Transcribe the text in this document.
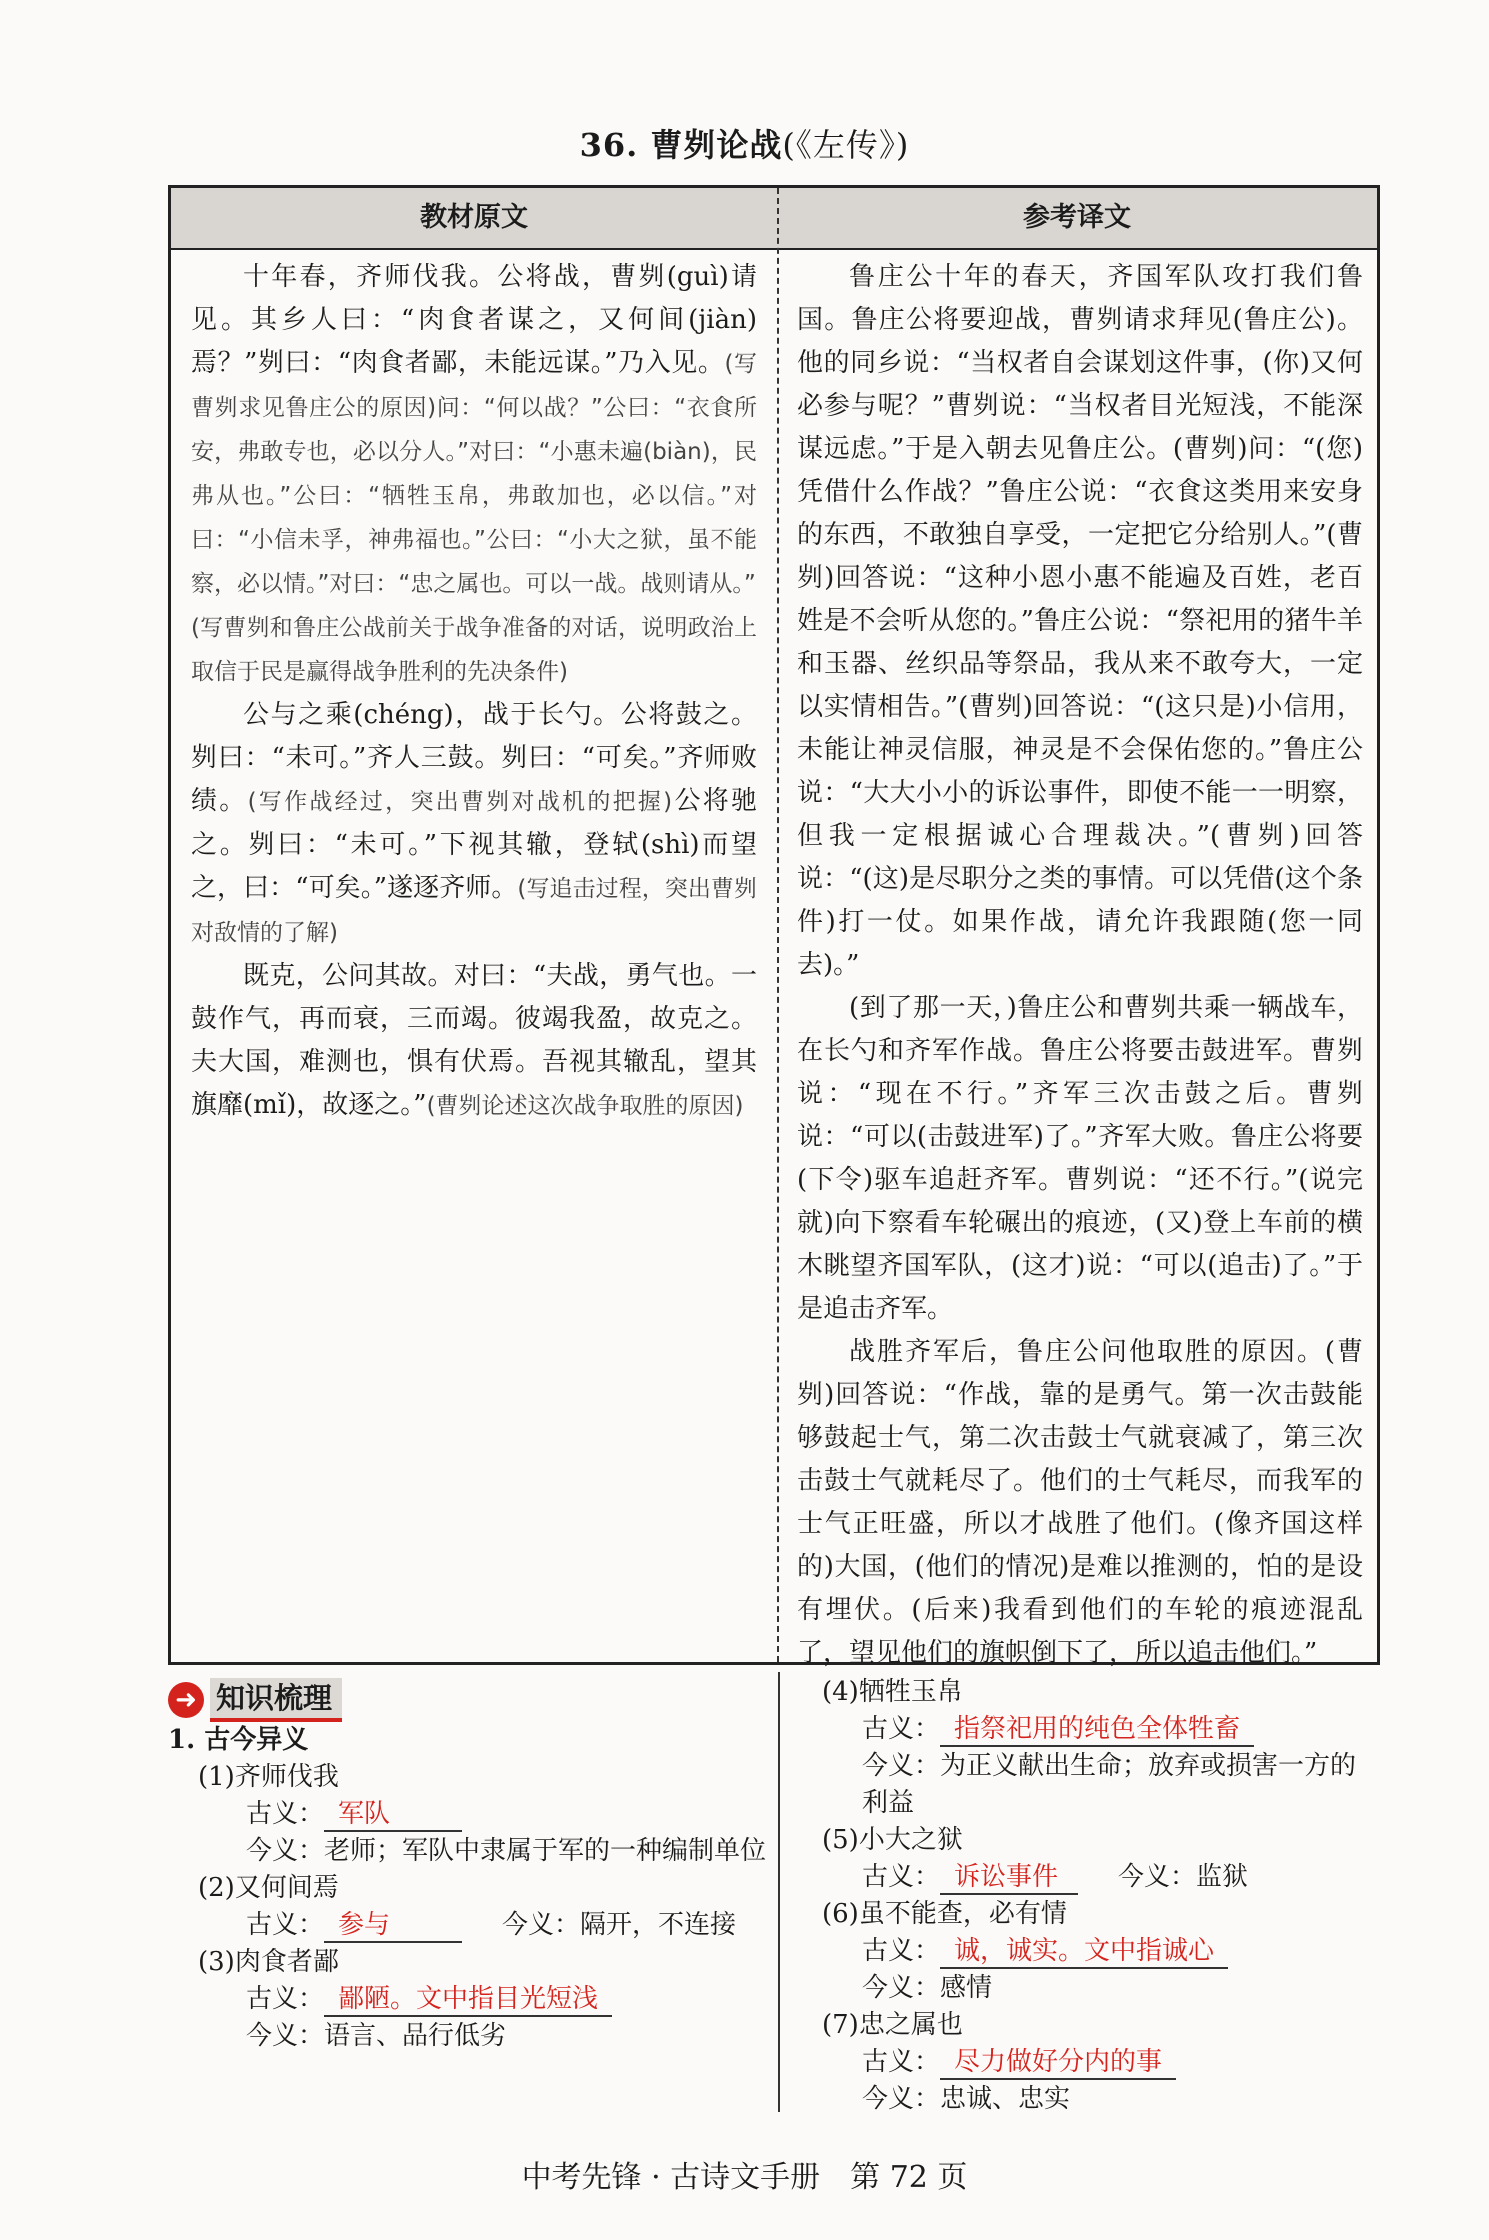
36. 曹刿论战(《左传》)
教材原文	参考译文

十年春，齐师伐我。公将战，曹刿(guì)请见。其乡人曰：“肉食者谋之，又何间(jiàn)焉？”刿曰：“肉食者鄙，未能远谋。”乃入见。(写曹刿求见鲁庄公的原因)问：“何以战？”公曰：“衣食所安，弗敢专也，必以分人。”对曰：“小惠未遍(biàn)，民弗从也。”公曰：“牺牲玉帛，弗敢加也，必以信。”对曰：“小信未孚，神弗福也。”公曰：“小大之狱，虽不能察，必以情。”对曰：“忠之属也。可以一战。战则请从。”

(写曹刿和鲁庄公战前关于战争准备的对话，说明政治上取信于民是赢得战争胜利的先决条件)

公与之乘(chéng)，战于长勺。公将鼓之。刿曰：“未可。”齐人三鼓。刿曰：“可矣。”齐师败绩。(写作战经过，突出曹刿对战机的把握)公将驰之。刿曰：“未可。”下视其辙，登轼(shì)而望之，曰：“可矣。”遂逐齐师。(写追击过程，突出曹刿对敌情的了解)

既克，公问其故。对曰：“夫战，勇气也。一鼓作气，再而衰，三而竭。彼竭我盈，故克之。夫大国，难测也，惧有伏焉。吾视其辙乱，望其旗靡(mǐ)，故逐之。”(曹刿论述这次战争取胜的原因)

鲁庄公十年的春天，齐国军队攻打我们鲁国。鲁庄公将要迎战，曹刿请求拜见(鲁庄公)。他的同乡说：“当权者自会谋划这件事，(你)又何必参与呢？”曹刿说：“当权者目光短浅，不能深谋远虑。”于是入朝去见鲁庄公。(曹刿)问：“(您)凭借什么作战？”鲁庄公说：“衣食这类用来安身的东西，不敢独自享受，一定把它分给别人。”(曹刿)回答说：“这种小恩小惠不能遍及百姓，老百姓是不会听从您的。”鲁庄公说：“祭祀用的猪牛羊和玉器、丝织品等祭品，我从来不敢夸大，一定以实情相告。”(曹刿)回答说：“(这只是)小信用，未能让神灵信服，神灵是不会保佑您的。”鲁庄公说：“大大小小的诉讼事件，即使不能一一明察，但我一定根据诚心合理裁决。”(曹刿)回答说：“(这)是尽职分之类的事情。可以凭借(这个条件)打一仗。如果作战，请允许我跟随(您一同去)。”

(到了那一天，)鲁庄公和曹刿共乘一辆战车，在长勺和齐军作战。鲁庄公将要击鼓进军。曹刿说：“现在不行。”齐军三次击鼓之后。曹刿说：“可以(击鼓进军)了。”齐军大败。鲁庄公将要(下令)驱车追赶齐军。曹刿说：“还不行。”(说完就)向下察看车轮碾出的痕迹，(又)登上车前的横木眺望齐国军队，(这才)说：“可以(追击)了。”于是追击齐军。

战胜齐军后，鲁庄公问他取胜的原因。(曹刿)回答说：“作战，靠的是勇气。第一次击鼓能够鼓起士气，第二次击鼓士气就衰减了，第三次击鼓士气就耗尽了。他们的士气耗尽，而我军的士气正旺盛，所以才战胜了他们。(像齐国这样的)大国，(他们的情况)是难以推测的，怕的是设有埋伏。(后来)我看到他们的车轮的痕迹混乱了，望见他们的旗帜倒下了，所以追击他们。”

➜ 知识梳理
1. 古今异义
(1)齐师伐我
古义： 军队
今义：老师；军队中隶属于军的一种编制单位
(2)又何间焉
古义： 参与	今义：隔开，不连接
(3)肉食者鄙
古义： 鄙陋。文中指目光短浅
今义：语言、品行低劣
(4)牺牲玉帛
古义： 指祭祀用的纯色全体牲畜
今义：为正义献出生命；放弃或损害一方的利益
(5)小大之狱
古义： 诉讼事件 今义：监狱
(6)虽不能查，必有情
古义： 诚，诚实。文中指诚心
今义：感情
(7)忠之属也
古义： 尽力做好分内的事
今义：忠诚、忠实
中考先锋 · 古诗文手册　第 72 页
